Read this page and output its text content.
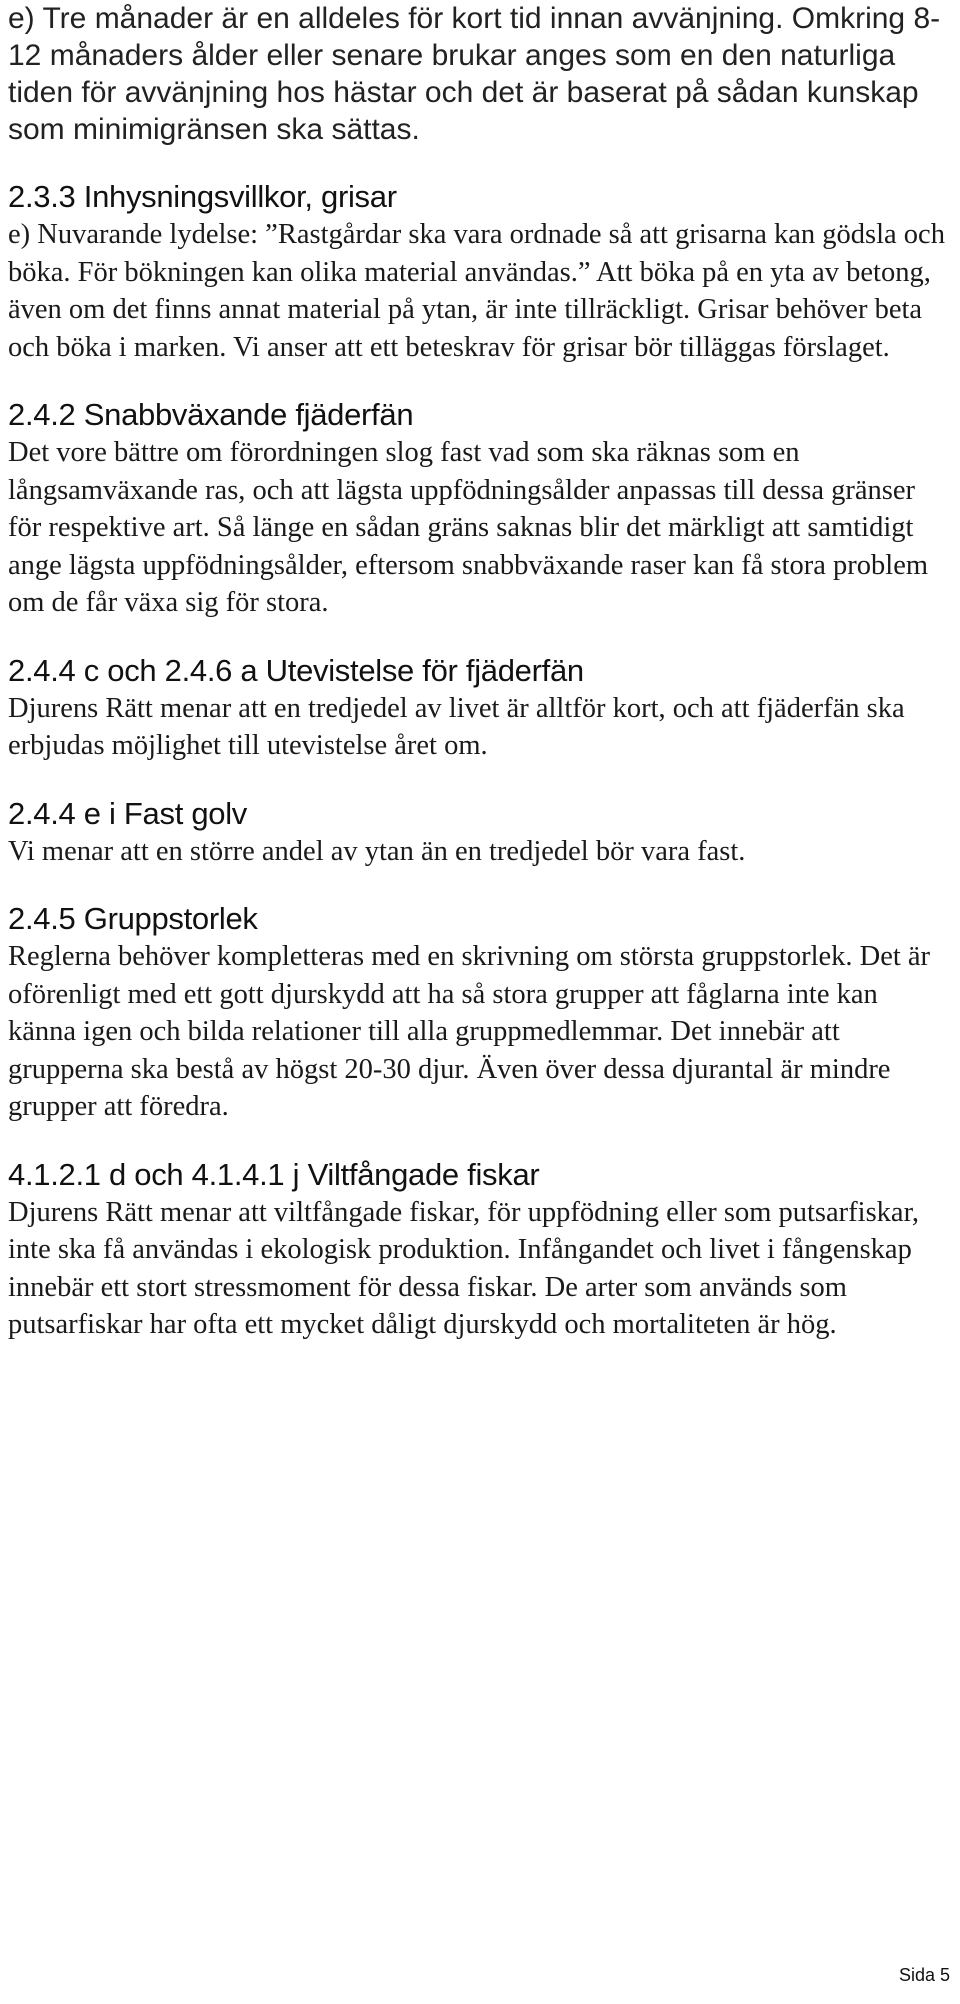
e) Tre månader är en alldeles för kort tid innan avvänjning. Omkring 8-12 månaders ålder eller senare brukar anges som en den naturliga tiden för avvänjning hos hästar och det är baserat på sådan kunskap som minimigränsen ska sättas.

2.3.3 Inhysningsvillkor, grisar

e) Nuvarande lydelse: ”Rastgårdar ska vara ordnade så att grisarna kan gödsla och böka. För bökningen kan olika material användas.” Att böka på en yta av betong, även om det finns annat material på ytan, är inte tillräckligt. Grisar behöver beta och böka i marken. Vi anser att ett beteskrav för grisar bör tilläggas förslaget.

2.4.2 Snabbväxande fjäderfän

Det vore bättre om förordningen slog fast vad som ska räknas som en långsamväxande ras, och att lägsta uppfödningsålder anpassas till dessa gränser för respektive art. Så länge en sådan gräns saknas blir det märkligt att samtidigt ange lägsta uppfödningsålder, eftersom snabbväxande raser kan få stora problem om de får växa sig för stora.

2.4.4 c och 2.4.6 a Utevistelse för fjäderfän

Djurens Rätt menar att en tredjedel av livet är alltför kort, och att fjäderfän ska erbjudas möjlighet till utevistelse året om.

2.4.4 e i Fast golv

Vi menar att en större andel av ytan än en tredjedel bör vara fast.

2.4.5 Gruppstorlek

Reglerna behöver kompletteras med en skrivning om största gruppstorlek. Det är oförenligt med ett gott djurskydd att ha så stora grupper att fåglarna inte kan känna igen och bilda relationer till alla gruppmedlemmar. Det innebär att grupperna ska bestå av högst 20-30 djur. Även över dessa djurantal är mindre grupper att föredra.

4.1.2.1 d och 4.1.4.1 j Viltfångade fiskar

Djurens Rätt menar att viltfångade fiskar, för uppfödning eller som putsarfiskar, inte ska få användas i ekologisk produktion. Infångandet och livet i fångenskap innebär ett stort stressmoment för dessa fiskar. De arter som används som putsarfiskar har ofta ett mycket dåligt djurskydd och mortaliteten är hög.

Sida 5
